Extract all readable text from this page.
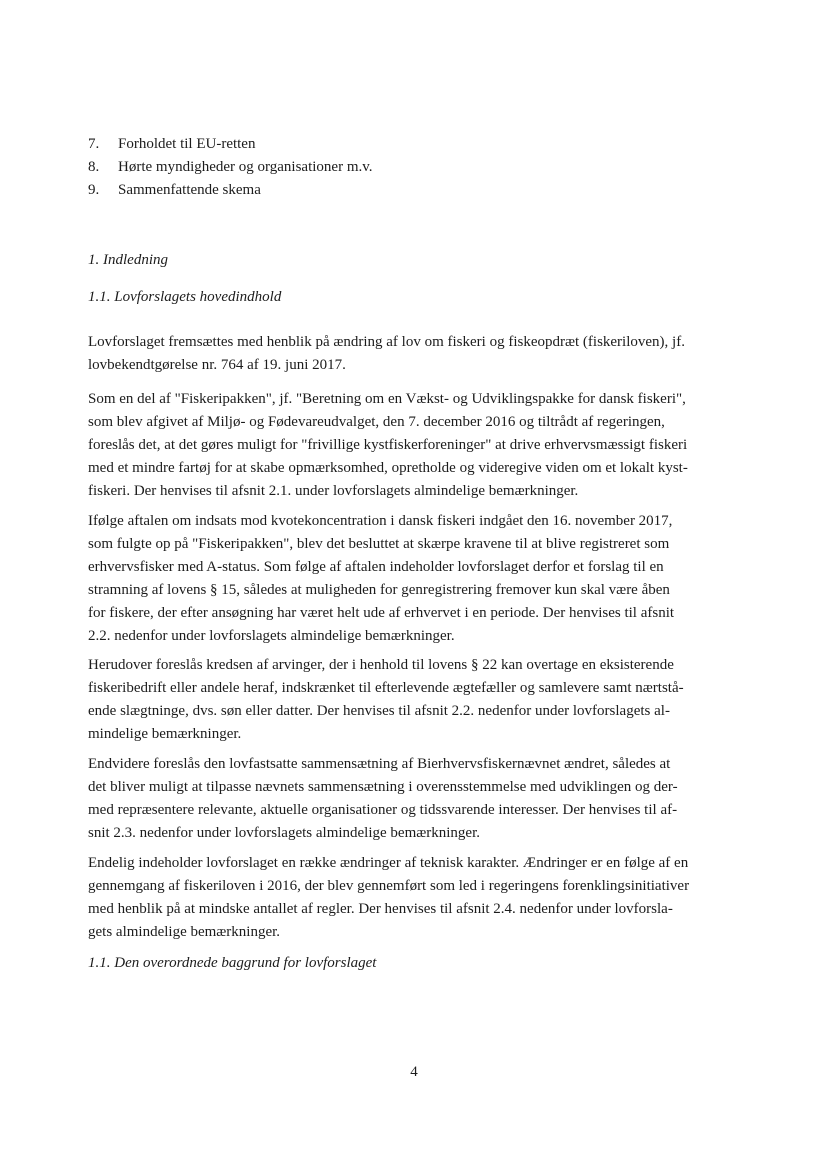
7.	Forholdet til EU-retten
8.	Hørte myndigheder og organisationer m.v.
9.	Sammenfattende skema
1. Indledning
1.1. Lovforslagets hovedindhold
Lovforslaget fremsættes med henblik på ændring af lov om fiskeri og fiskeopdræt (fiskeriloven), jf.
lovbekendtgørelse nr. 764 af 19. juni 2017.
Som en del af "Fiskeripakken", jf. "Beretning om en Vækst- og Udviklingspakke for dansk fiskeri",
som blev afgivet af Miljø- og Fødevareudvalget, den 7. december 2016 og tiltrådt af regeringen,
foreslås det, at det gøres muligt for "frivillige kystfiskerforeninger" at drive erhvervsmæssigt fiskeri
med et mindre fartøj for at skabe opmærksomhed, opretholde og videregive viden om et lokalt kyst-
fiskeri. Der henvises til afsnit 2.1. under lovforslagets almindelige bemærkninger.
Ifølge aftalen om indsats mod kvotekoncentration i dansk fiskeri indgået den 16. november 2017,
som fulgte op på "Fiskeripakken", blev det besluttet at skærpe kravene til at blive registreret som
erhvervsfisker med A-status. Som følge af aftalen indeholder lovforslaget derfor et forslag til en
stramning af lovens § 15, således at muligheden for genregistrering fremover kun skal være åben
for fiskere, der efter ansøgning har været helt ude af erhvervet i en periode. Der henvises til afsnit
2.2. nedenfor under lovforslagets almindelige bemærkninger.
Herudover foreslås kredsen af arvinger, der i henhold til lovens § 22 kan overtage en eksisterende
fiskeribedrift eller andele heraf, indskrænket til efterlevende ægtefæller og samlevere samt nærtstå-
ende slægtninge, dvs. søn eller datter. Der henvises til afsnit 2.2. nedenfor under lovforslagets al-
mindelige bemærkninger.
Endvidere foreslås den lovfastsatte sammensætning af Bierhvervsfiskernævnet ændret, således at
det bliver muligt at tilpasse nævnets sammensætning i overensstemmelse med udviklingen og der-
med repræsentere relevante, aktuelle organisationer og tidssvarende interesser. Der henvises til af-
snit 2.3. nedenfor under lovforslagets almindelige bemærkninger.
Endelig indeholder lovforslaget en række ændringer af teknisk karakter. Ændringer er en følge af en
gennemgang af fiskeriloven i 2016, der blev gennemført som led i regeringens forenklingsinitiativer
med henblik på at mindske antallet af regler. Der henvises til afsnit 2.4. nedenfor under lovforsla-
gets almindelige bemærkninger.
1.1. Den overordnede baggrund for lovforslaget
4
